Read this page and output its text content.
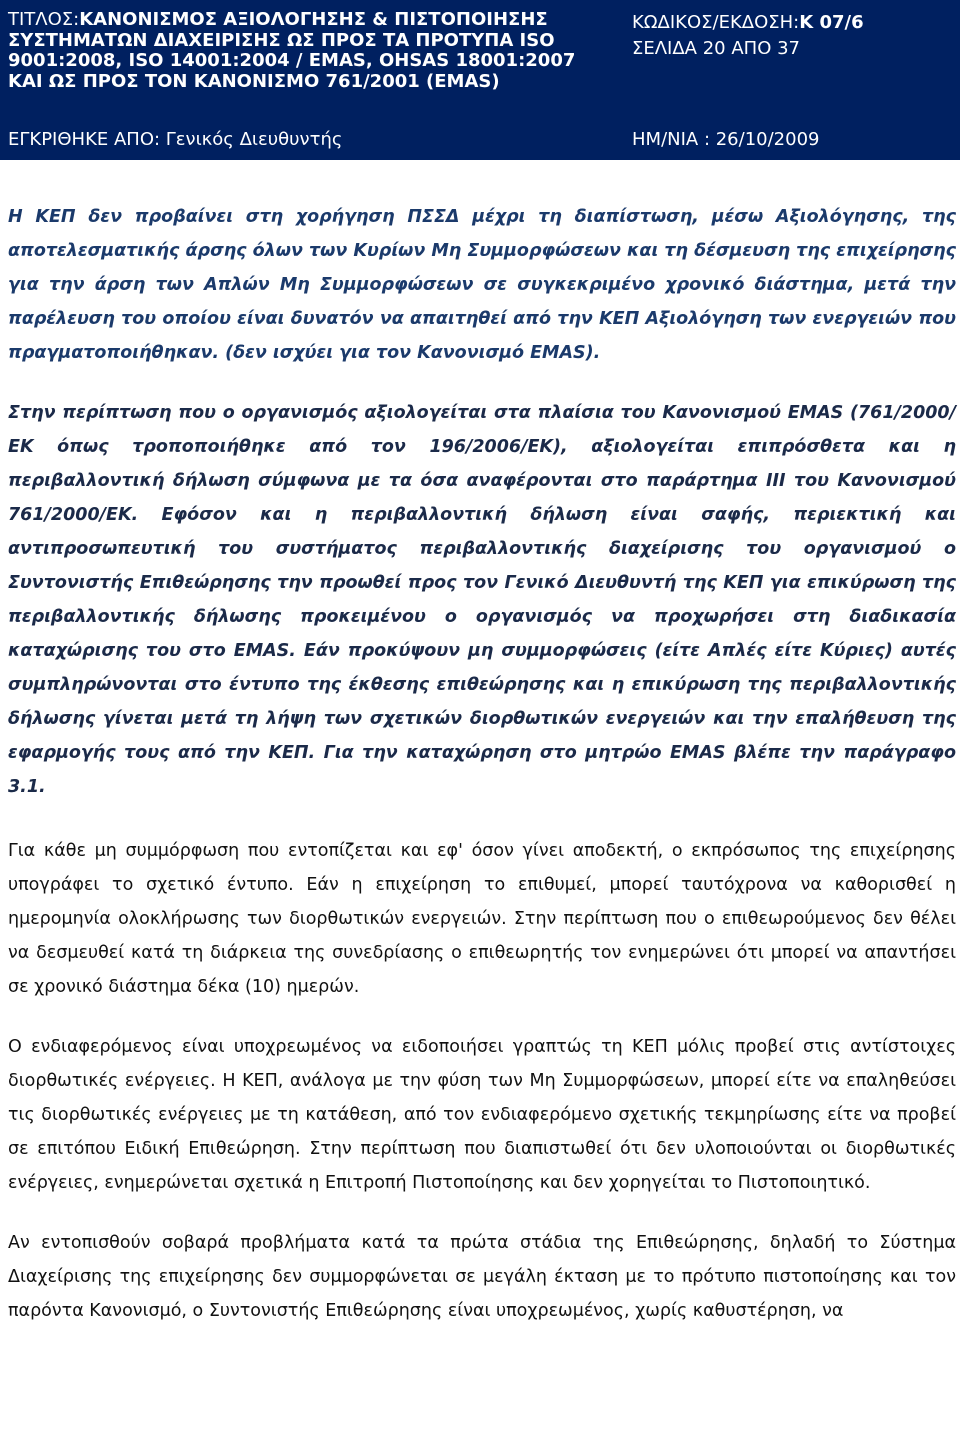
ΤΙΤΛΟΣ:ΚΑΝΟΝΙΣΜΟΣ ΑΞΙΟΛΟΓΗΣΗΣ & ΠΙΣΤΟΠΟΙΗΣΗΣ ΣΥΣΤΗΜΑΤΩΝ ΔΙΑΧΕΙΡΙΣΗΣ ΩΣ ΠΡΟΣ ΤΑ ΠΡΟΤΥΠΑ ISO 9001:2008, ISO 14001:2004 / EMAS, OHSAS 18001:2007 ΚΑΙ ΩΣ ΠΡΟΣ ΤΟΝ ΚΑΝΟΝΙΣΜΟ 761/2001 (EMAS)
ΚΩΔΙΚΟΣ/ΕΚΔΟΣΗ:Κ 07/6
ΣΕΛΙΔΑ 20 ΑΠΟ 37
ΕΓΚΡΙΘΗΚΕ ΑΠΟ: Γενικός Διευθυντής	ΗΜ/ΝΙΑ : 26/10/2009

Η ΚΕΠ δεν προβαίνει στη χορήγηση ΠΣΣΔ μέχρι τη διαπίστωση, μέσω Αξιολόγησης, της αποτελεσματικής άρσης όλων των Κυρίων Μη Συμμορφώσεων και τη δέσμευση της επιχείρησης για την άρση των Απλών Μη Συμμορφώσεων σε συγκεκριμένο χρονικό διάστημα, μετά την παρέλευση του οποίου είναι δυνατόν να απαιτηθεί από την ΚΕΠ Αξιολόγηση των ενεργειών που πραγματοποιήθηκαν. (δεν ισχύει για τον Κανονισμό EMAS).

Στην περίπτωση που ο οργανισμός αξιολογείται στα πλαίσια του Κανονισμού EMAS (761/2000/ΕΚ όπως τροποποιήθηκε από τον 196/2006/ΕΚ), αξιολογείται επιπρόσθετα και η περιβαλλοντική δήλωση σύμφωνα με τα όσα αναφέρονται στο παράρτημα III του Κανονισμού 761/2000/ΕΚ. Εφόσον και η περιβαλλοντική δήλωση είναι σαφής, περιεκτική και αντιπροσωπευτική του συστήματος περιβαλλοντικής διαχείρισης του οργανισμού ο Συντονιστής Επιθεώρησης την προωθεί προς τον Γενικό Διευθυντή της ΚΕΠ για επικύρωση της περιβαλλοντικής δήλωσης προκειμένου ο οργανισμός να προχωρήσει στη διαδικασία καταχώρισης του στο EMAS. Εάν προκύψουν μη συμμορφώσεις (είτε Απλές είτε Κύριες) αυτές συμπληρώνονται στο έντυπο της έκθεσης επιθεώρησης και η επικύρωση της περιβαλλοντικής δήλωσης γίνεται μετά τη λήψη των σχετικών διορθωτικών ενεργειών και την επαλήθευση της εφαρμογής τους από την ΚΕΠ. Για την καταχώρηση στο μητρώο EMAS βλέπε την παράγραφο 3.1.

Για κάθε μη συμμόρφωση που εντοπίζεται και εφ' όσον γίνει αποδεκτή, ο εκπρόσωπος της επιχείρησης υπογράφει το σχετικό έντυπο. Εάν η επιχείρηση το επιθυμεί, μπορεί ταυτόχρονα να καθορισθεί η ημερομηνία ολοκλήρωσης των διορθωτικών ενεργειών. Στην περίπτωση που ο επιθεωρούμενος δεν θέλει να δεσμευθεί κατά τη διάρκεια της συνεδρίασης ο επιθεωρητής τον ενημερώνει ότι μπορεί να απαντήσει σε χρονικό διάστημα δέκα (10) ημερών.

Ο ενδιαφερόμενος είναι υποχρεωμένος να ειδοποιήσει γραπτώς τη ΚΕΠ μόλις προβεί στις αντίστοιχες διορθωτικές ενέργειες. Η ΚΕΠ, ανάλογα με την φύση των Μη Συμμορφώσεων, μπορεί είτε να επαληθεύσει τις διορθωτικές ενέργειες με τη κατάθεση, από τον ενδιαφερόμενο σχετικής τεκμηρίωσης είτε να προβεί σε επιτόπου Ειδική Επιθεώρηση. Στην περίπτωση που διαπιστωθεί ότι δεν υλοποιούνται οι διορθωτικές ενέργειες, ενημερώνεται σχετικά η Επιτροπή Πιστοποίησης και δεν χορηγείται το Πιστοποιητικό.

Αν εντοπισθούν σοβαρά προβλήματα κατά τα πρώτα στάδια της Επιθεώρησης, δηλαδή το Σύστημα Διαχείρισης της επιχείρησης δεν συμμορφώνεται σε μεγάλη έκταση με το πρότυπο πιστοποίησης και τον παρόντα Κανονισμό, ο Συντονιστής Επιθεώρησης είναι υποχρεωμένος, χωρίς καθυστέρηση, να
